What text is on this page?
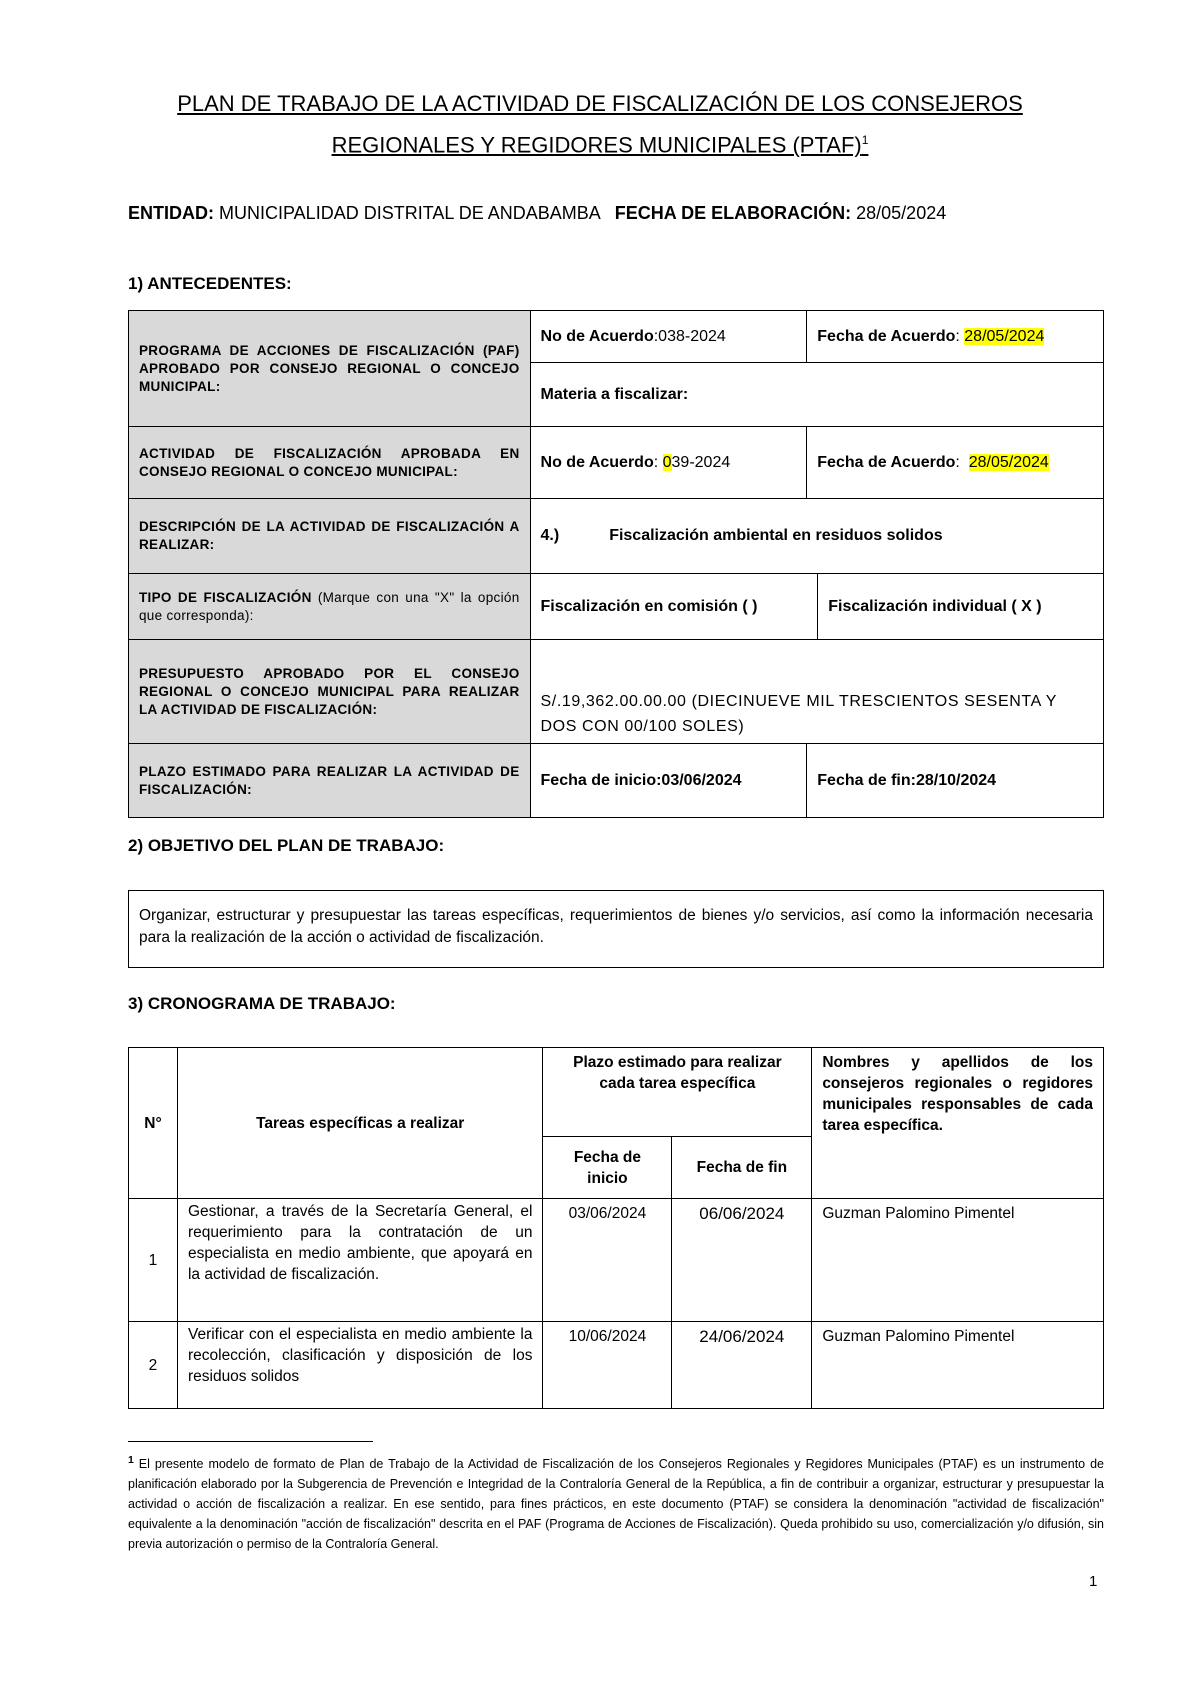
PLAN DE TRABAJO DE LA ACTIVIDAD DE FISCALIZACIÓN DE LOS CONSEJEROS
REGIONALES Y REGIDORES MUNICIPALES (PTAF)$^1$
ENTIDAD: MUNICIPALIDAD DISTRITAL DE ANDABAMBA FECHA DE ELABORACIÓN: 28/05/2024
1) ANTECEDENTES:
PROGRAMA DE ACCIONES DE FISCALIZACIÓN (PAF) APROBADO POR CONSEJO REGIONAL O CONCEJO MUNICIPAL:	No de Acuerdo:038-2024	Fecha de Acuerdo: 28/05/2024	
	Materia a fiscalizar:		
ACTIVIDAD DE FISCALIZACIÓN APROBADA EN CONSEJO REGIONAL O CONCEJO MUNICIPAL:	No de Acuerdo: 039-2024	Fecha de Acuerdo:  28/05/2024	
DESCRIPCIÓN DE LA ACTIVIDAD DE FISCALIZACIÓN A REALIZAR:	4.) Fiscalización ambiental en residuos solidos		
TIPO DE FISCALIZACIÓN (Marque con una "X" la opción que corresponda):	Fiscalización en comisión ( )		Fiscalización individual ( X )
PRESUPUESTO APROBADO POR EL CONSEJO REGIONAL O CONCEJO MUNICIPAL PARA REALIZAR LA ACTIVIDAD DE FISCALIZACIÓN:	S/.19,362.00.00.00 (DIECINUEVE MIL TRESCIENTOS SESENTA Y DOS CON 00/100 SOLES)		
PLAZO ESTIMADO PARA REALIZAR LA ACTIVIDAD DE FISCALIZACIÓN:	Fecha de inicio:03/06/2024	Fecha de fin:28/10/2024	
2) OBJETIVO DEL PLAN DE TRABAJO:
Organizar, estructurar y presupuestar las tareas específicas, requerimientos de bienes y/o servicios, así como la información necesaria para la realización de la acción o actividad de fiscalización.
3) CRONOGRAMA DE TRABAJO:
N°	Tareas específicas a realizar	Plazo estimado para realizar cada tarea específica		Nombres y apellidos de los consejeros regionales o regidores municipales responsables de cada tarea específica.
		Fecha de inicio	Fecha de fin	
1	Gestionar, a través de la Secretaría General, el requerimiento para la contratación de un especialista en medio ambiente, que apoyará en la actividad de fiscalización.	03/06/2024	06/06/2024	Guzman Palomino Pimentel
2	Verificar con el especialista en medio ambiente la recolección, clasificación y disposición de los residuos solidos	10/06/2024	24/06/2024	Guzman Palomino Pimentel
$^1$ El presente modelo de formato de Plan de Trabajo de la Actividad de Fiscalización de los Consejeros Regionales y Regidores Municipales (PTAF) es un instrumento de planificación elaborado por la Subgerencia de Prevención e Integridad de la Contraloría General de la República, a fin de contribuir a organizar, estructurar y presupuestar la actividad o acción de fiscalización a realizar. En ese sentido, para fines prácticos, en este documento (PTAF) se considera la denominación "actividad de fiscalización" equivalente a la denominación "acción de fiscalización" descrita en el PAF (Programa de Acciones de Fiscalización). Queda prohibido su uso, comercialización y/o difusión, sin previa autorización o permiso de la Contraloría General.
1
